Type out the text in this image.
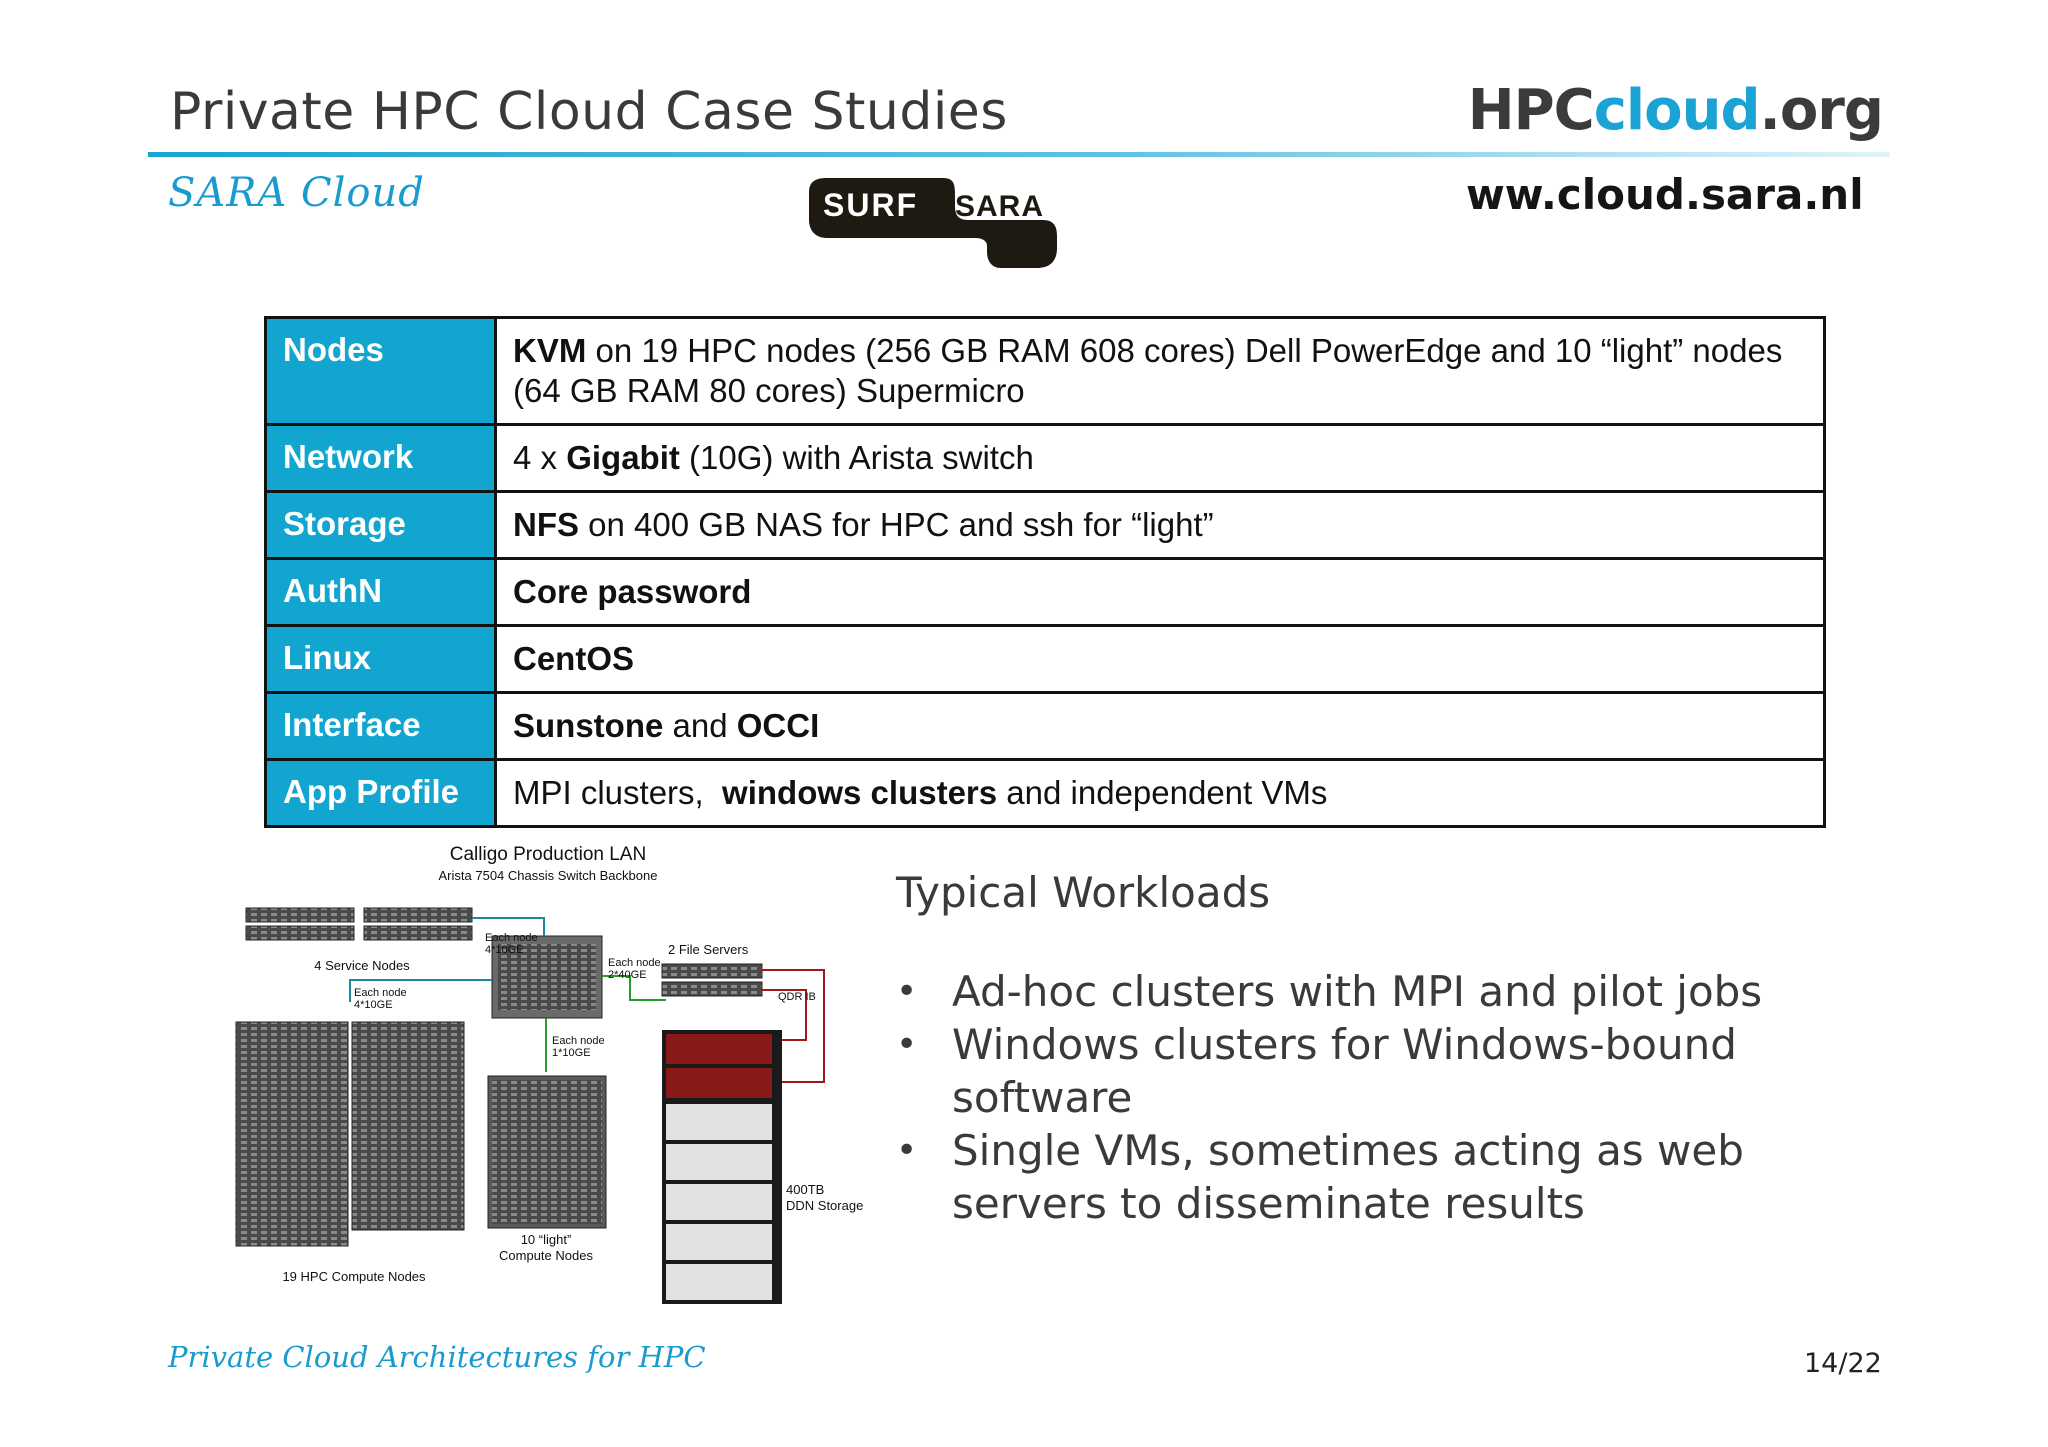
Private HPC Cloud Case Studies	HPCcloud.org
SARA Cloud	ww.cloud.sara.nl
SURF SARA
Nodes	KVM on 19 HPC nodes (256 GB RAM 608 cores) Dell PowerEdge and 10 “light” nodes (64 GB RAM 80 cores) Supermicro
Network	4 x Gigabit (10G) with Arista switch
Storage	NFS on 400 GB NAS for HPC and ssh for “light”
AuthN	Core password
Linux	CentOS
Interface	Sunstone and OCCI
App Profile	MPI clusters,  windows clusters and independent VMs
Calligo Production LAN
Arista 7504 Chassis Switch Backbone
4 Service Nodes
Each node
4*10GE
Each node
4*10GE
Each node
2*40GE
Each node
1*10GE
2 File Servers
QDR IB
400TB
DDN Storage
10 “light”
Compute Nodes
19 HPC Compute Nodes
Typical Workloads
• Ad-hoc clusters with MPI and pilot jobs
• Windows clusters for Windows-bound software
• Single VMs, sometimes acting as web servers to disseminate results
Private Cloud Architectures for HPC	14/22
